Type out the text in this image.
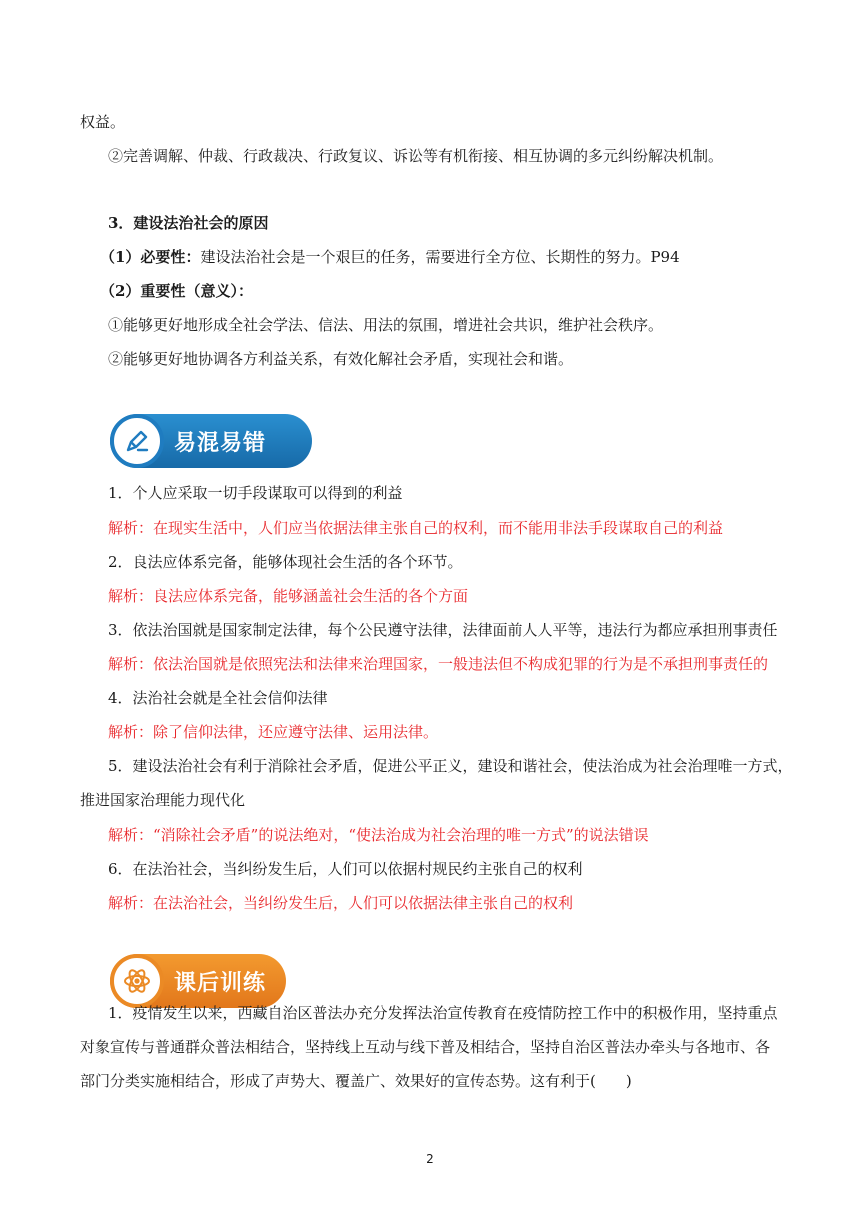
权益。
②完善调解、仲裁、行政裁决、行政复议、诉讼等有机衔接、相互协调的多元纠纷解决机制。
3．建设法治社会的原因
（1）必要性：建设法治社会是一个艰巨的任务，需要进行全方位、长期性的努力。P94
（2）重要性（意义）：
①能够更好地形成全社会学法、信法、用法的氛围，增进社会共识，维护社会秩序。
②能够更好地协调各方利益关系，有效化解社会矛盾，实现社会和谐。
易混易错
1．个人应采取一切手段谋取可以得到的利益
解析：在现实生活中，人们应当依据法律主张自己的权利，而不能用非法手段谋取自己的利益
2．良法应体系完备，能够体现社会生活的各个环节。
解析：良法应体系完备，能够涵盖社会生活的各个方面
3．依法治国就是国家制定法律，每个公民遵守法律，法律面前人人平等，违法行为都应承担刑事责任
解析：依法治国就是依照宪法和法律来治理国家，一般违法但不构成犯罪的行为是不承担刑事责任的
4．法治社会就是全社会信仰法律
解析：除了信仰法律，还应遵守法律、运用法律。
5．建设法治社会有利于消除社会矛盾，促进公平正义，建设和谐社会，使法治成为社会治理唯一方式，
推进国家治理能力现代化
解析：“消除社会矛盾”的说法绝对，“使法治成为社会治理的唯一方式”的说法错误
6．在法治社会，当纠纷发生后，人们可以依据村规民约主张自己的权利
解析：在法治社会，当纠纷发生后，人们可以依据法律主张自己的权利
课后训练
1．疫情发生以来，西藏自治区普法办充分发挥法治宣传教育在疫情防控工作中的积极作用，坚持重点
对象宣传与普通群众普法相结合，坚持线上互动与线下普及相结合，坚持自治区普法办牵头与各地市、各
部门分类实施相结合，形成了声势大、覆盖广、效果好的宣传态势。这有利于(　　)
2
